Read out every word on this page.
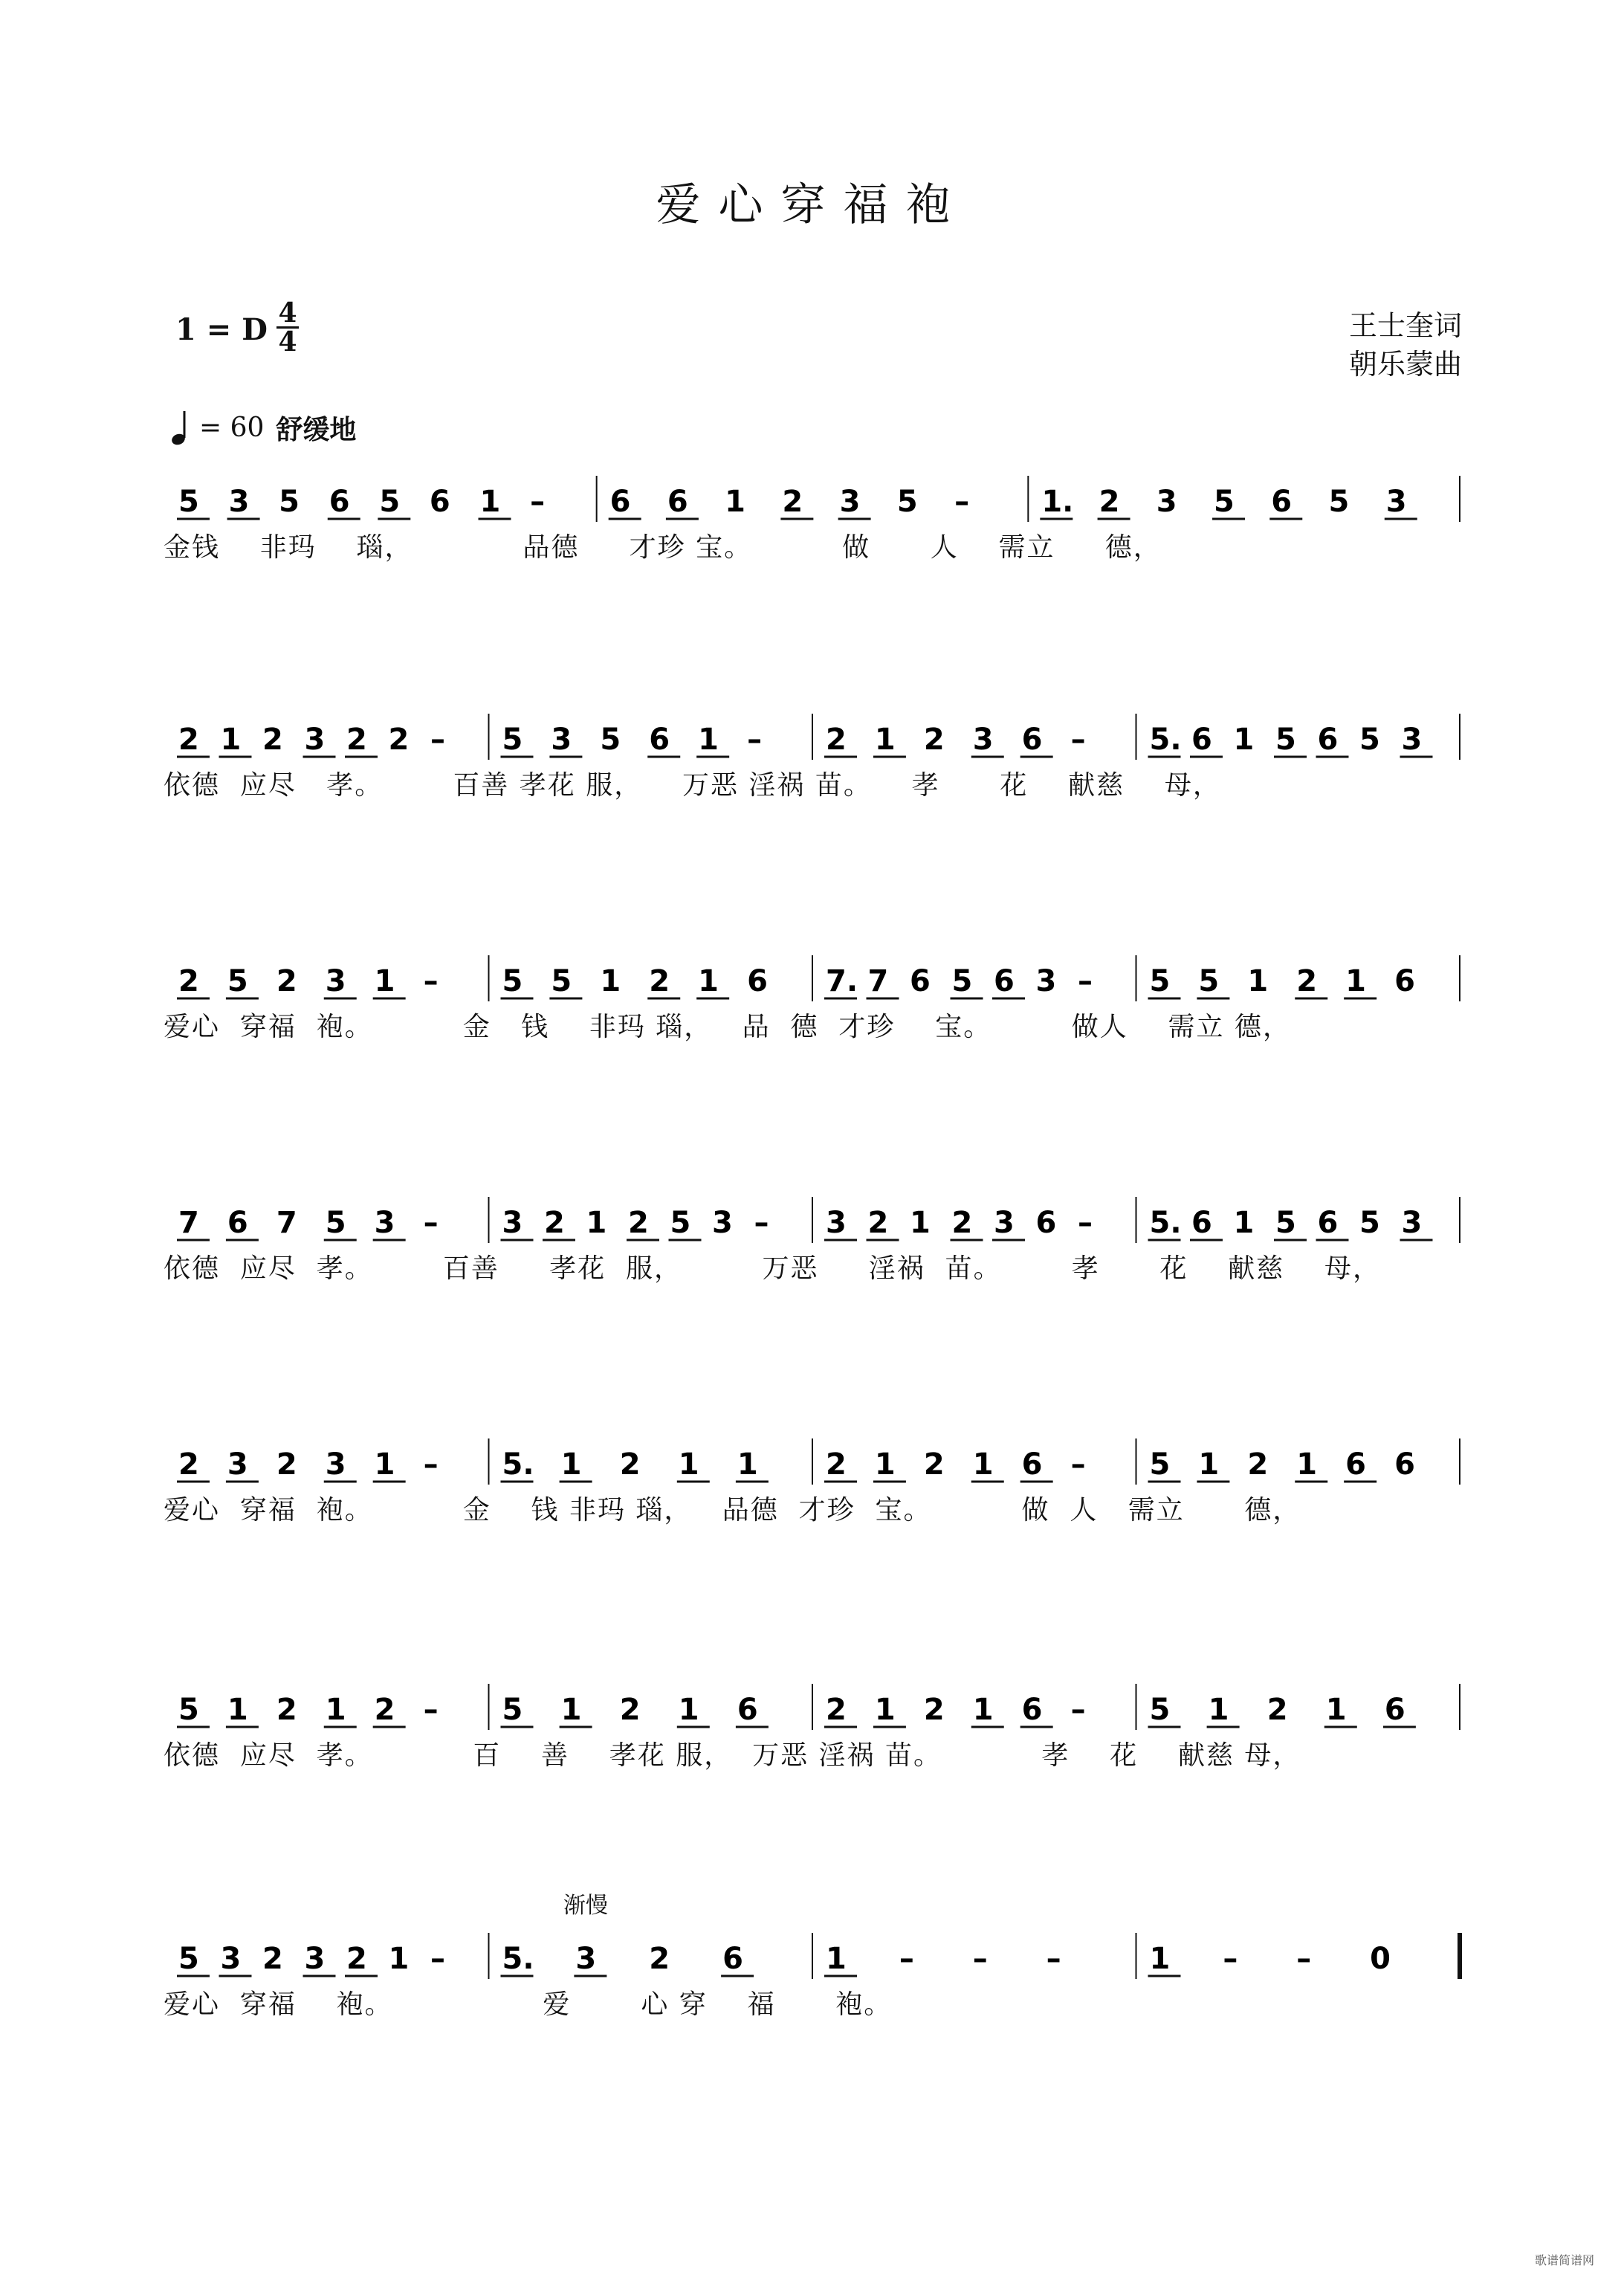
爱心穿福袍
1 = D 4
4	王士奎词
朝乐蒙曲
= 60 舒缓地
5 3 5 6 5 6 1 – 6 6 1 2 3 5 – 1. 2 3 5 6 5 3
金钱    非玛    瑙，           品德     才珍 宝。         做      人    需立     德，
2 1 2 3 2 2 – 5 3 5 6 1 – 2 1 2 3 6 – 5. 6 1 5 6 5 3
依德  应尽   孝。       百善 孝花 服，    万恶 淫祸 苗。    孝      花    献慈    母，
2 5 2 3 1 – 5 5 1 2 1 6 7. 7 6 5 6 3 – 5 5 1 2 1 6
爱心  穿福  袍。         金   钱    非玛 瑙，   品  德  才珍    宝。        做人    需立 德，
7 6 7 5 3 – 3 2 1 2 5 3 – 3 2 1 2 3 6 – 5. 6 1 5 6 5 3
依德  应尽  孝。       百善     孝花  服，        万恶     淫祸  苗。       孝      花    献慈    母，
2 3 2 3 1 – 5. 1 2 1 1 2 1 2 1 6 – 5 1 2 1 6 6
爱心  穿福  袍。         金    钱 非玛 瑙，   品德  才珍  宝。         做  人   需立      德，
5 1 2 1 2 – 5 1 2 1 6 2 1 2 1 6 – 5 1 2 1 6
依德  应尽  孝。          百    善    孝花 服，  万恶 淫祸 苗。          孝    花    献慈 母，
5 3 2 3 2 1 – 5. 3 2 6	1 – – –	1 – – 0
爱心  穿福    袍。               爱       心 穿    福      袍。
渐慢
歌谱简谱网
